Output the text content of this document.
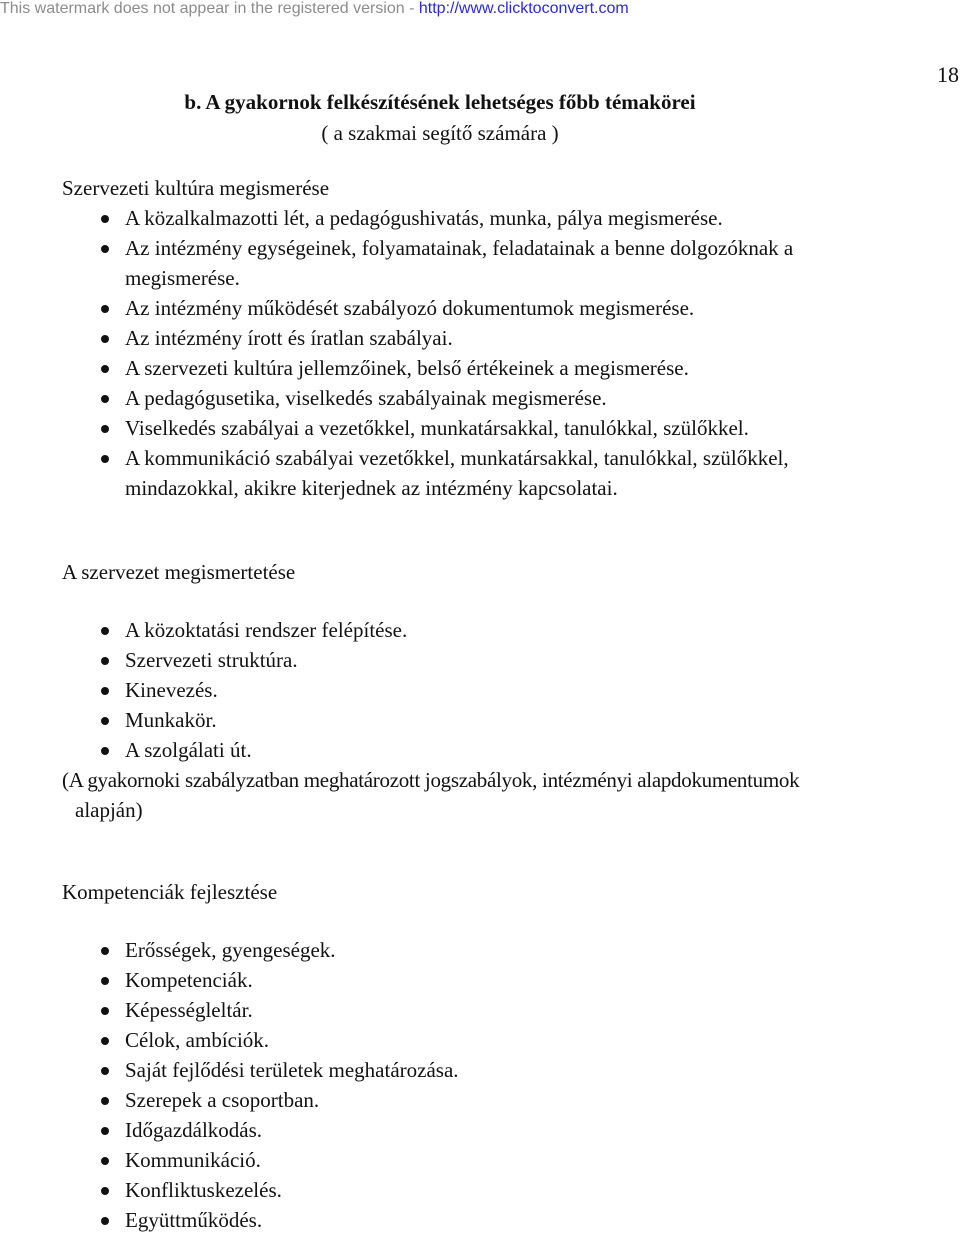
This watermark does not appear in the registered version - http://www.clicktoconvert.com
18
b. A gyakornok felkészítésének lehetséges főbb témakörei
( a szakmai segítő számára )
Szervezeti kultúra megismerése
A közalkalmazotti lét, a pedagógushivatás, munka, pálya megismerése.
Az intézmény egységeinek, folyamatainak, feladatainak a benne dolgozóknak a
megismerése.
Az intézmény működését szabályozó dokumentumok megismerése.
Az intézmény írott és íratlan szabályai.
A szervezeti kultúra jellemzőinek, belső értékeinek a megismerése.
A pedagógusetika, viselkedés szabályainak megismerése.
Viselkedés szabályai a vezetőkkel, munkatársakkal, tanulókkal, szülőkkel.
A kommunikáció szabályai vezetőkkel, munkatársakkal, tanulókkal, szülőkkel,
mindazokkal, akikre kiterjednek az intézmény kapcsolatai.
A szervezet megismertetése
A közoktatási rendszer felépítése.
Szervezeti struktúra.
Kinevezés.
Munkakör.
A szolgálati út.
(A gyakornoki szabályzatban meghatározott jogszabályok, intézményi alapdokumentumok
alapján)
Kompetenciák fejlesztése
Erősségek, gyengeségek.
Kompetenciák.
Képességleltár.
Célok, ambíciók.
Saját fejlődési területek meghatározása.
Szerepek a csoportban.
Időgazdálkodás.
Kommunikáció.
Konfliktuskezelés.
Együttműködés.
